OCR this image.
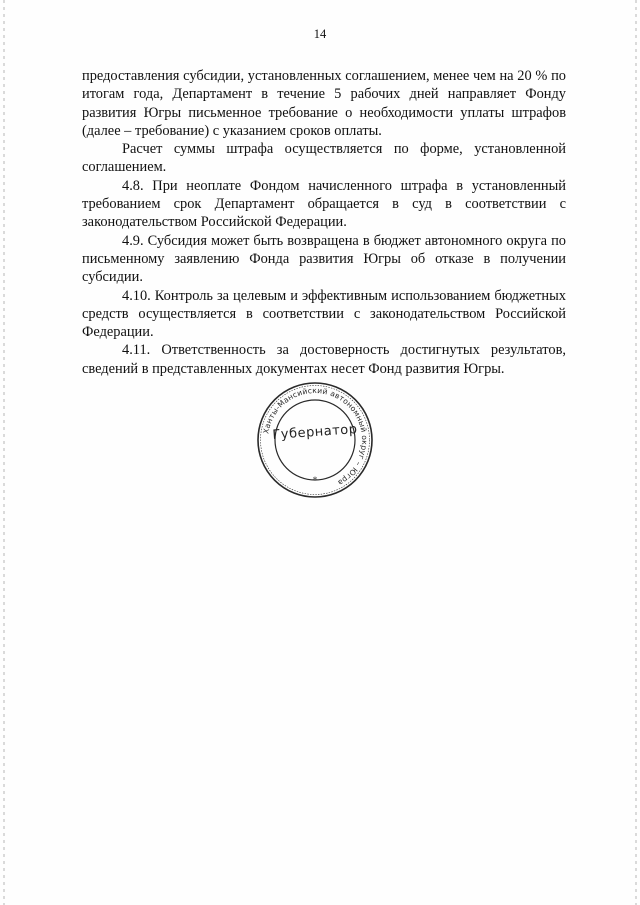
14

предоставления субсидии, установленных соглашением, менее чем на 20 % по итогам года, Департамент в течение 5 рабочих дней направляет Фонду развития Югры письменное требование о необходимости уплаты штрафов (далее – требование) с указанием сроков оплаты.

Расчет суммы штрафа осуществляется по форме, установленной соглашением.

4.8. При неоплате Фондом начисленного штрафа в установленный требованием срок Департамент обращается в суд в соответствии с законодательством Российской Федерации.

4.9. Субсидия может быть возвращена в бюджет автономного округа по письменному заявлению Фонда развития Югры об отказе в получении субсидии.

4.10. Контроль за целевым и эффективным использованием бюджетных средств осуществляется в соответствии с законодательством Российской Федерации.

4.11. Ответственность за достоверность достигнутых результатов, сведений в представленных документах несет Фонд развития Югры.

Ханты-Мансийский автономный округ – Югра
Губернатор
*
